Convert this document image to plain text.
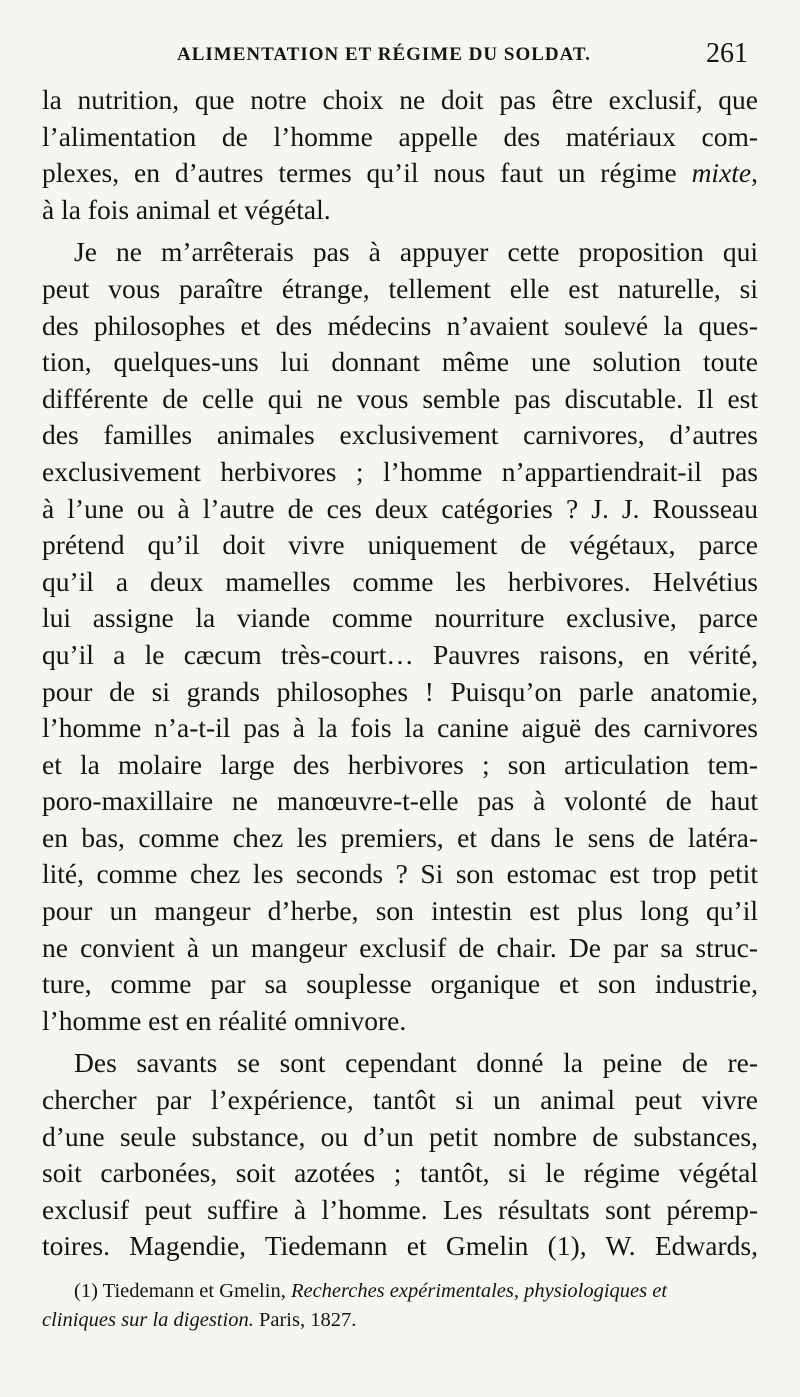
ALIMENTATION ET RÉGIME DU SOLDAT.	261
la nutrition, que notre choix ne doit pas être exclusif, que
l’alimentation de l’homme appelle des matériaux com-
plexes, en d’autres termes qu’il nous faut un régime mixte,
à la fois animal et végétal.
Je ne m’arrêterais pas à appuyer cette proposition qui
peut vous paraître étrange, tellement elle est naturelle, si
des philosophes et des médecins n’avaient soulevé la ques-
tion, quelques-uns lui donnant même une solution toute
différente de celle qui ne vous semble pas discutable. Il est
des familles animales exclusivement carnivores, d’autres
exclusivement herbivores ; l’homme n’appartiendrait-il pas
à l’une ou à l’autre de ces deux catégories ? J. J. Rousseau
prétend qu’il doit vivre uniquement de végétaux, parce
qu’il a deux mamelles comme les herbivores. Helvétius
lui assigne la viande comme nourriture exclusive, parce
qu’il a le cæcum très-court… Pauvres raisons, en vérité,
pour de si grands philosophes ! Puisqu’on parle anatomie,
l’homme n’a-t-il pas à la fois la canine aiguë des carnivores
et la molaire large des herbivores ; son articulation tem-
poro-maxillaire ne manœuvre-t-elle pas à volonté de haut
en bas, comme chez les premiers, et dans le sens de latéra-
lité, comme chez les seconds ? Si son estomac est trop petit
pour un mangeur d’herbe, son intestin est plus long qu’il
ne convient à un mangeur exclusif de chair. De par sa struc-
ture, comme par sa souplesse organique et son industrie,
l’homme est en réalité omnivore.
Des savants se sont cependant donné la peine de re-
chercher par l’expérience, tantôt si un animal peut vivre
d’une seule substance, ou d’un petit nombre de substances,
soit carbonées, soit azotées ; tantôt, si le régime végétal
exclusif peut suffire à l’homme. Les résultats sont péremp-
toires. Magendie, Tiedemann et Gmelin (1), W. Edwards,
(1) Tiedemann et Gmelin, Recherches expérimentales, physiologiques et
cliniques sur la digestion. Paris, 1827.
